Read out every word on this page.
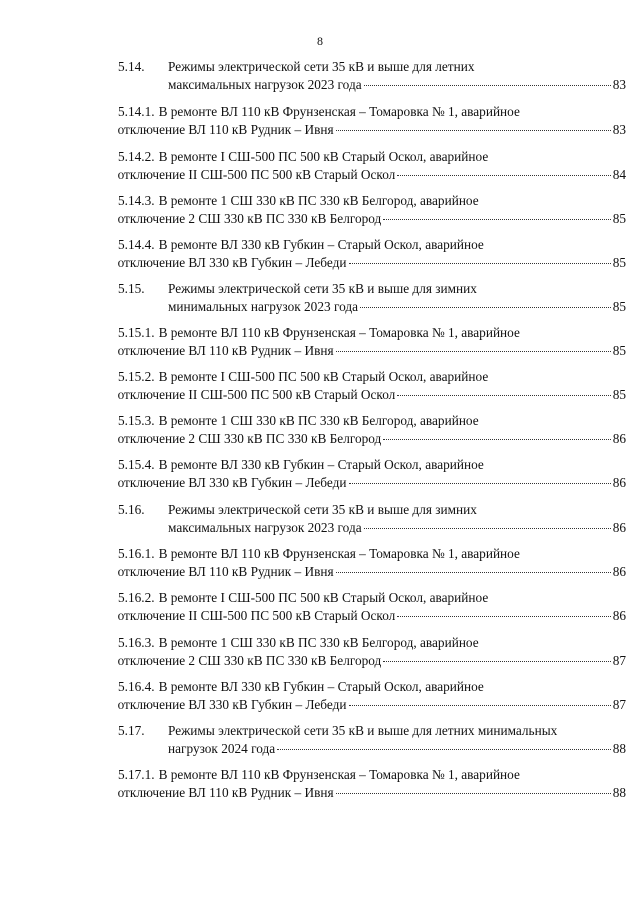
8
5.14.	Режимы электрической сети 35 кВ и выше для летних
максимальных нагрузок 2023 года	83
5.14.1. В ремонте ВЛ 110 кВ Фрунзенская – Томаровка № 1, аварийное
отключение ВЛ 110 кВ Рудник – Ивня	83
5.14.2. В ремонте I СШ-500 ПС 500 кВ Старый Оскол, аварийное
отключение II СШ-500 ПС 500 кВ Старый Оскол	84
5.14.3. В ремонте 1 СШ 330 кВ ПС 330 кВ Белгород, аварийное
отключение 2 СШ 330 кВ ПС 330 кВ Белгород	85
5.14.4. В ремонте ВЛ 330 кВ Губкин – Старый Оскол, аварийное
отключение ВЛ 330 кВ Губкин – Лебеди	85
5.15.	Режимы электрической сети 35 кВ и выше для зимних
минимальных нагрузок 2023 года	85
5.15.1. В ремонте ВЛ 110 кВ Фрунзенская – Томаровка № 1, аварийное
отключение ВЛ 110 кВ Рудник – Ивня	85
5.15.2. В ремонте I СШ-500 ПС 500 кВ Старый Оскол, аварийное
отключение II СШ-500 ПС 500 кВ Старый Оскол	85
5.15.3. В ремонте 1 СШ 330 кВ ПС 330 кВ Белгород, аварийное
отключение 2 СШ 330 кВ ПС 330 кВ Белгород	86
5.15.4. В ремонте ВЛ 330 кВ Губкин – Старый Оскол, аварийное
отключение ВЛ 330 кВ Губкин – Лебеди	86
5.16.	Режимы электрической сети 35 кВ и выше для зимних
максимальных нагрузок 2023 года	86
5.16.1. В ремонте ВЛ 110 кВ Фрунзенская – Томаровка № 1, аварийное
отключение ВЛ 110 кВ Рудник – Ивня	86
5.16.2. В ремонте I СШ-500 ПС 500 кВ Старый Оскол, аварийное
отключение II СШ-500 ПС 500 кВ Старый Оскол	86
5.16.3. В ремонте 1 СШ 330 кВ ПС 330 кВ Белгород, аварийное
отключение 2 СШ 330 кВ ПС 330 кВ Белгород	87
5.16.4. В ремонте ВЛ 330 кВ Губкин – Старый Оскол, аварийное
отключение ВЛ 330 кВ Губкин – Лебеди	87
5.17.	Режимы электрической сети 35 кВ и выше для летних минимальных
нагрузок 2024 года	88
5.17.1. В ремонте ВЛ 110 кВ Фрунзенская – Томаровка № 1, аварийное
отключение ВЛ 110 кВ Рудник – Ивня	88
